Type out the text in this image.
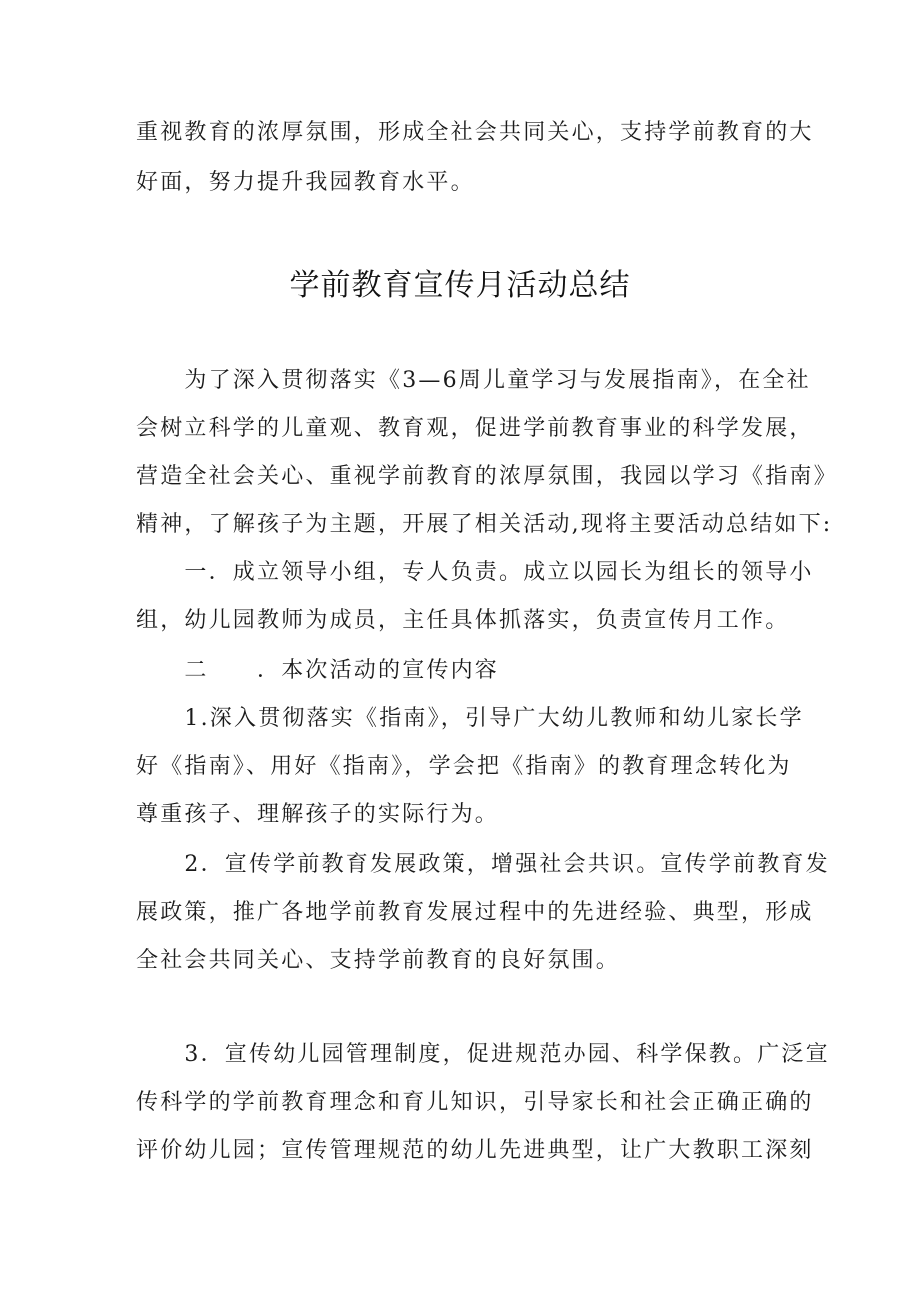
重视教育的浓厚氛围，形成全社会共同关心，支持学前教育的大
好面，努力提升我园教育水平。
学前教育宣传月活动总结
　　为了深入贯彻落实《3—6周儿童学习与发展指南》，在全社
会树立科学的儿童观、教育观，促进学前教育事业的科学发展，
营造全社会关心、重视学前教育的浓厚氛围，我园以学习《指南》
精神，了解孩子为主题，开展了相关活动,现将主要活动总结如下:
　　一．成立领导小组，专人负责。成立以园长为组长的领导小
组，幼儿园教师为成员，主任具体抓落实，负责宣传月工作。
　　二　　．本次活动的宣传内容
　　1.深入贯彻落实《指南》，引导广大幼儿教师和幼儿家长学
好《指南》、用好《指南》，学会把《指南》的教育理念转化为
尊重孩子、理解孩子的实际行为。
　　2．宣传学前教育发展政策，增强社会共识。宣传学前教育发
展政策，推广各地学前教育发展过程中的先进经验、典型，形成
全社会共同关心、支持学前教育的良好氛围。
　　3．宣传幼儿园管理制度，促进规范办园、科学保教。广泛宣
传科学的学前教育理念和育儿知识，引导家长和社会正确正确的
评价幼儿园；宣传管理规范的幼儿先进典型，让广大教职工深刻
